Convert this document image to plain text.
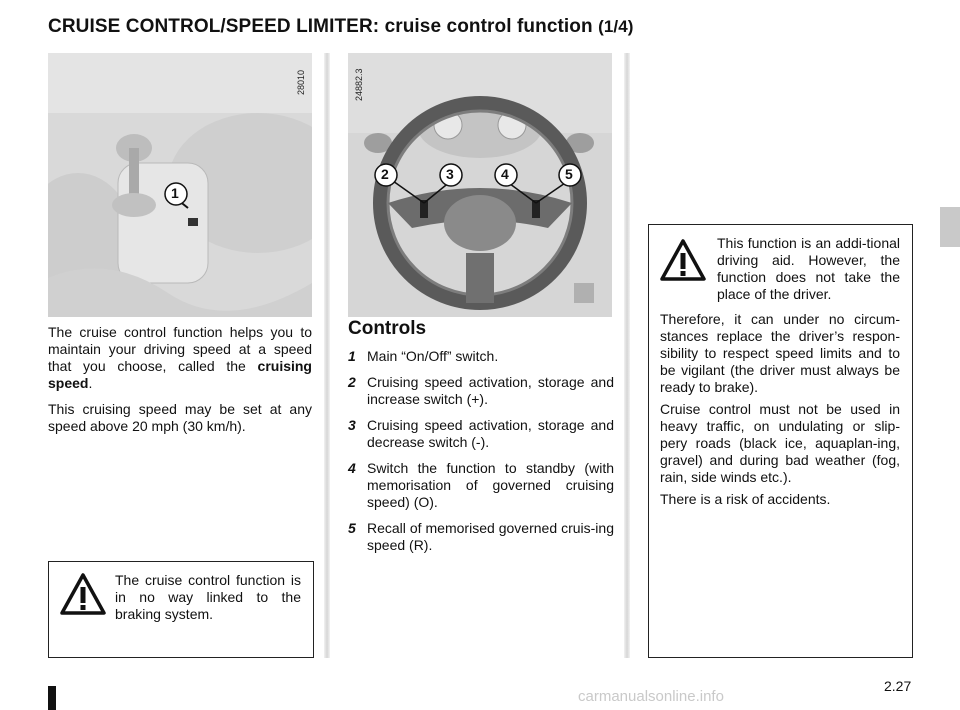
CRUISE CONTROL/SPEED LIMITER: cruise control function (1/4)
1
28010
2	3	4	5
24882.3

The cruise control function helps you to maintain your driving speed at a speed that you choose, called the cruising speed.

This cruising speed may be set at any speed above 20 mph (30 km/h).

The cruise control function is in no way linked to the braking system.
Controls
1 Main “On/Off” switch.
2 Cruising speed activation, storage and increase switch (+).
3 Cruising speed activation, storage and decrease switch (-).
4 Switch the function to standby (with memorisation of governed cruising speed) (O).
5 Recall of memorised governed cruis-ing speed (R).
This function is an addi-tional driving aid. However, the function does not take the place of the driver.
Therefore, it can under no circum-stances replace the driver’s respon-sibility to respect speed limits and to be vigilant (the driver must always be ready to brake).
Cruise control must not be used in heavy traffic, on undulating or slip-pery roads (black ice, aquaplan-ing, gravel) and during bad weather (fog, rain, side winds etc.).
There is a risk of accidents.
2.27
carmanualsonline.info
